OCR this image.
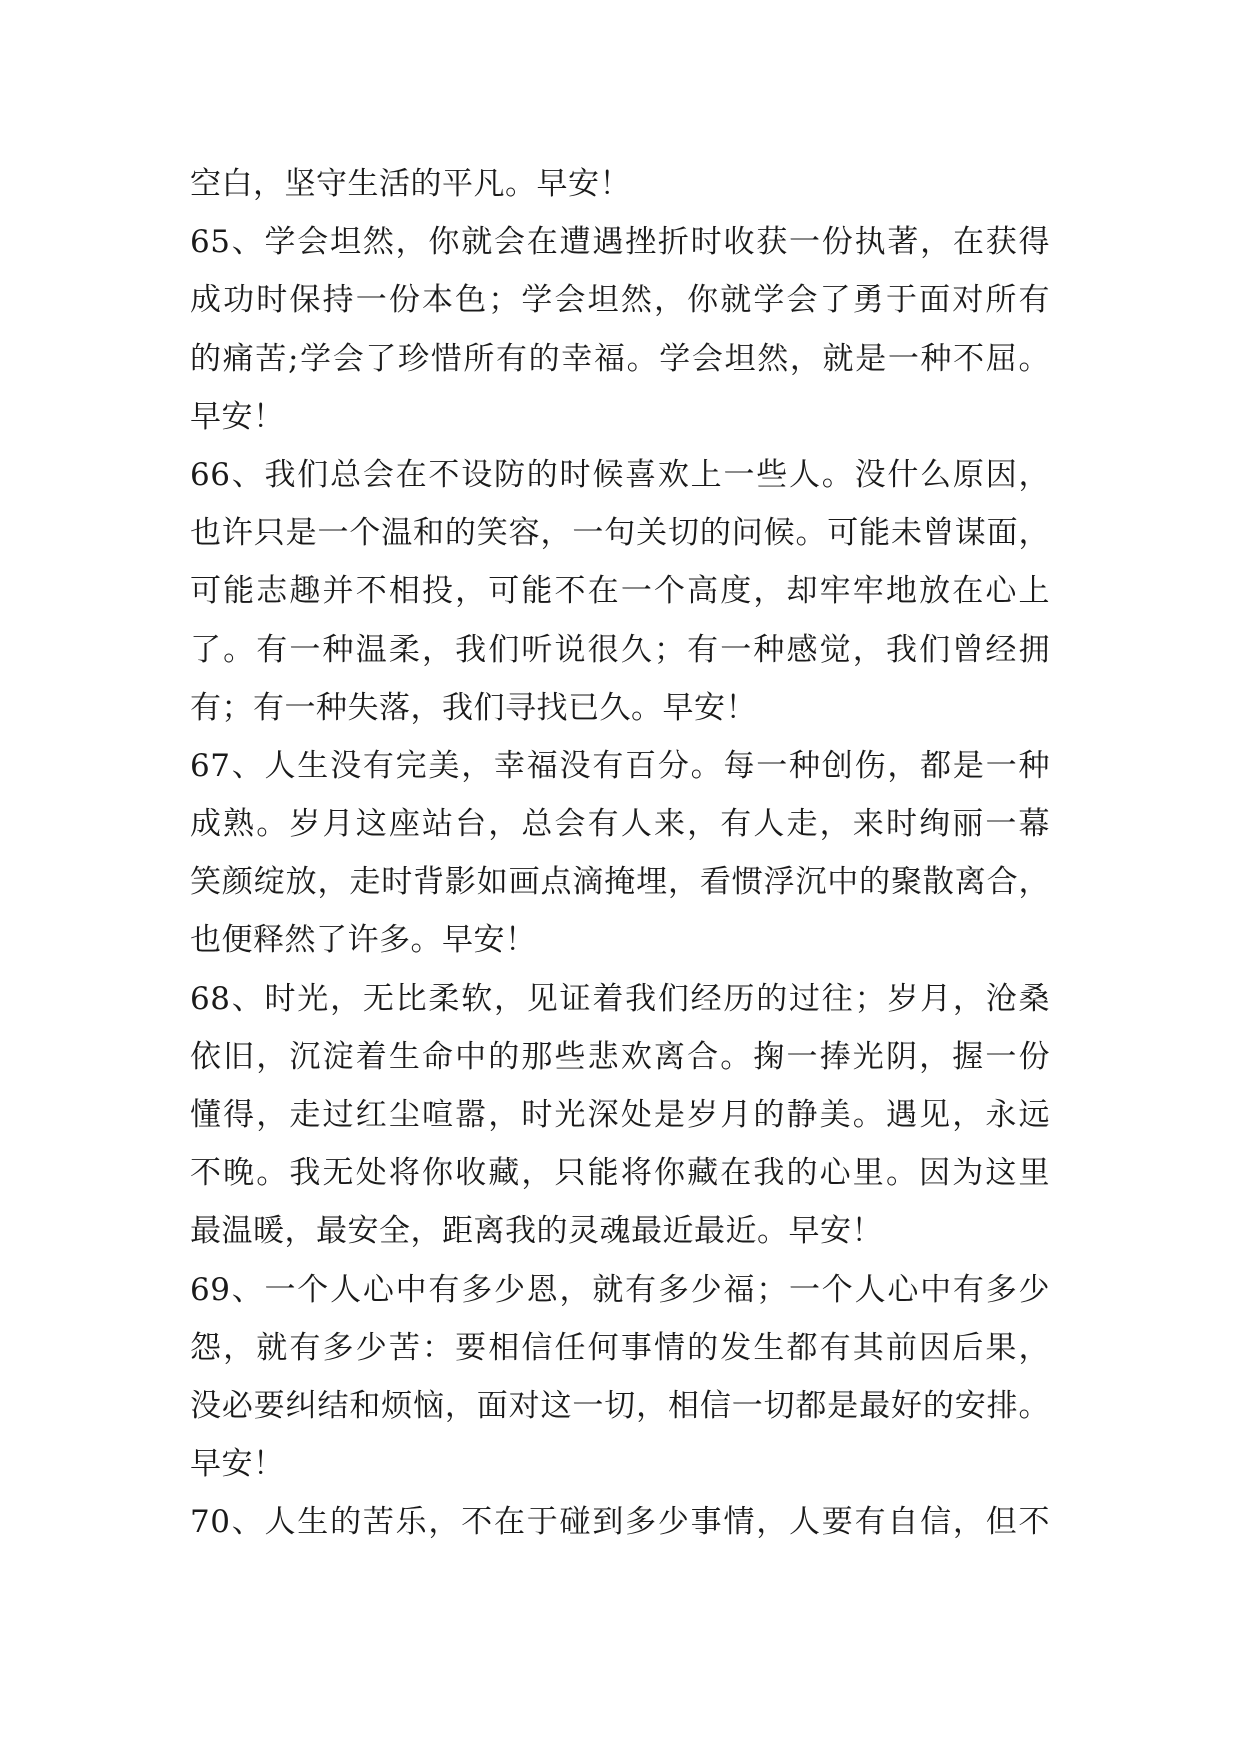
空白，坚守生活的平凡。早安！
65、学会坦然，你就会在遭遇挫折时收获一份执著，在获得
成功时保持一份本色；学会坦然，你就学会了勇于面对所有
的痛苦;学会了珍惜所有的幸福。学会坦然，就是一种不屈。
早安！
66、我们总会在不设防的时候喜欢上一些人。没什么原因，
也许只是一个温和的笑容，一句关切的问候。可能未曾谋面，
可能志趣并不相投，可能不在一个高度，却牢牢地放在心上
了。有一种温柔，我们听说很久；有一种感觉，我们曾经拥
有；有一种失落，我们寻找已久。早安！
67、人生没有完美，幸福没有百分。每一种创伤，都是一种
成熟。岁月这座站台，总会有人来，有人走，来时绚丽一幕
笑颜绽放，走时背影如画点滴掩埋，看惯浮沉中的聚散离合，
也便释然了许多。早安！
68、时光，无比柔软，见证着我们经历的过往；岁月，沧桑
依旧，沉淀着生命中的那些悲欢离合。掬一捧光阴，握一份
懂得，走过红尘喧嚣，时光深处是岁月的静美。遇见，永远
不晚。我无处将你收藏，只能将你藏在我的心里。因为这里
最温暖，最安全，距离我的灵魂最近最近。早安！
69、一个人心中有多少恩，就有多少福；一个人心中有多少
怨，就有多少苦：要相信任何事情的发生都有其前因后果，
没必要纠结和烦恼，面对这一切，相信一切都是最好的安排。
早安！
70、人生的苦乐，不在于碰到多少事情，人要有自信，但不
